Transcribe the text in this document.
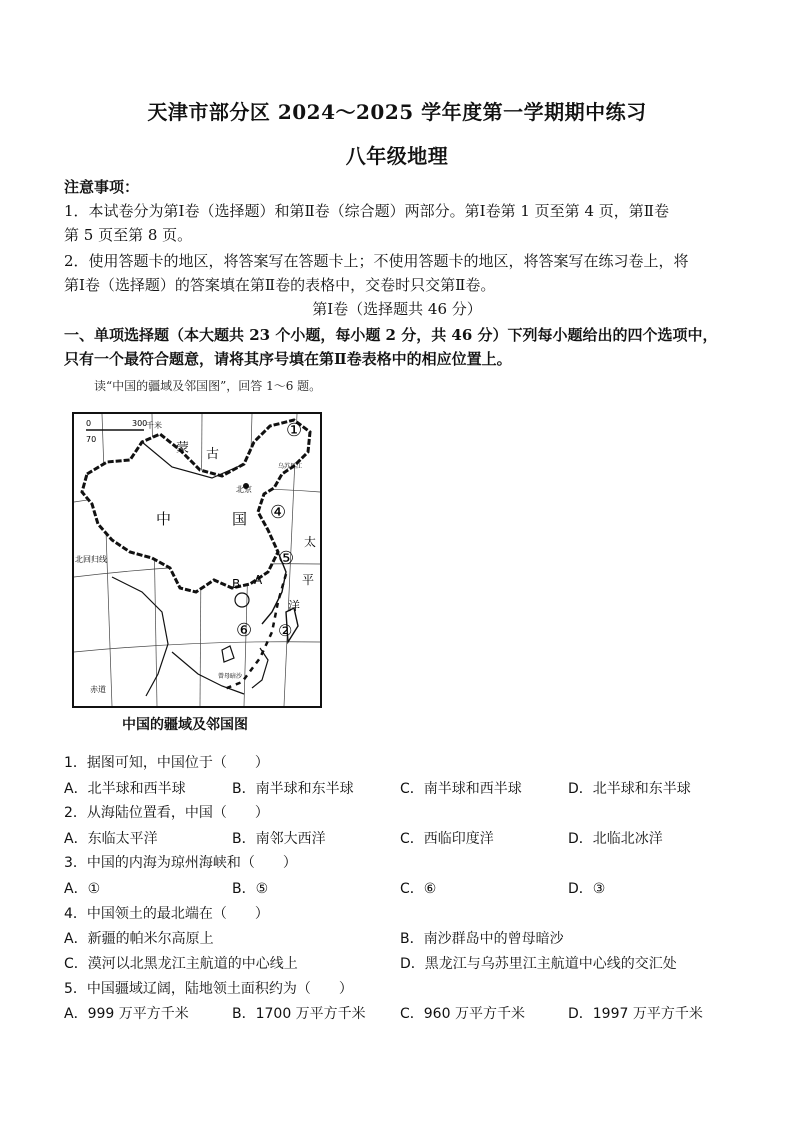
天津市部分区 2024～2025 学年度第一学期期中练习
八年级地理
注意事项：
1．本试卷分为第Ⅰ卷（选择题）和第Ⅱ卷（综合题）两部分。第Ⅰ卷第 1 页至第 4 页，第Ⅱ卷
第 5 页至第 8 页。
2．使用答题卡的地区，将答案写在答题卡上；不使用答题卡的地区，将答案写在练习卷上，将
第Ⅰ卷（选择题）的答案填在第Ⅱ卷的表格中，交卷时只交第Ⅱ卷。
第Ⅰ卷（选择题共 46 分）
一、单项选择题（本大题共 23 个小题，每小题 2 分，共 46 分）下列每小题给出的四个选项中，
只有一个最符合题意，请将其序号填在第Ⅱ卷表格中的相应位置上。
读“中国的疆域及邻国图”，回答 1～6 题。
0	300
千米
70
蒙 古
北京
中	国
北回归线
太
平
洋
赤道
B A
乌苏里江
曾母暗沙
①
④
⑤
⑥ ②
中国的疆域及邻国图
1．据图可知，中国位于（　　）
A．北半球和西半球	B．南半球和东半球	C．南半球和西半球	D．北半球和东半球
2．从海陆位置看，中国（　　）
A．东临太平洋	B．南邻大西洋	C．西临印度洋	D．北临北冰洋
3．中国的内海为琼州海峡和（　　）
A．①	B．⑤	C．⑥	D．③
4．中国领土的最北端在（　　）
A．新疆的帕米尔高原上	B．南沙群岛中的曾母暗沙
C．漠河以北黑龙江主航道的中心线上	D．黑龙江与乌苏里江主航道中心线的交汇处
5．中国疆域辽阔，陆地领土面积约为（　　）
A．999 万平方千米	B．1700 万平方千米 C．960 万平方千米	D．1997 万平方千米
